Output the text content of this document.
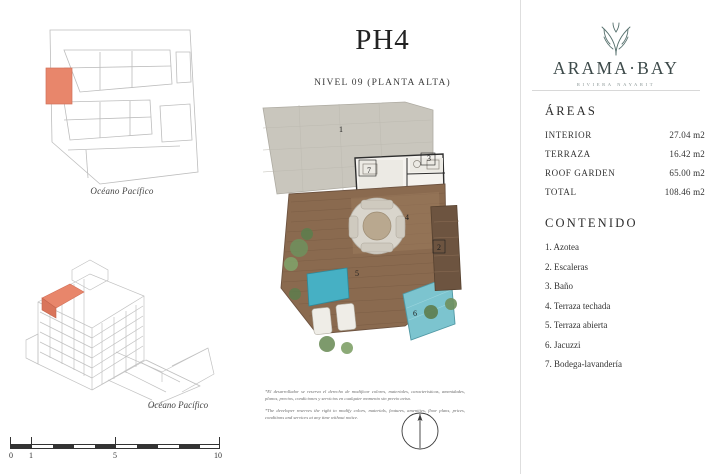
Océano Pacífico
Océano Pacífico
0 1	5	10
PH4
NIVEL 09 (PLANTA ALTA)
1
2
3
4
5
6
7

*El desarrollador se reserva el derecho de modificar colores, materiales, caracteristicas, amenidades, planos, precios, condiciones y servicios en cualquier momento sin previo aviso.

*The developer reserves the right to modify colors, materials, features, amenities, floor plans, prices, conditions and services at any time without notice.

ARAMA·BAY
RIVIERA NAYARIT
ÁREAS
INTERIOR	27.04 m2
TERRAZA	16.42 m2
ROOF GARDEN	65.00 m2
TOTAL	108.46 m2
CONTENIDO
1. Azotea
2. Escaleras
3. Baño
4. Terraza techada
5. Terraza abierta
6. Jacuzzi
7. Bodega-lavandería
